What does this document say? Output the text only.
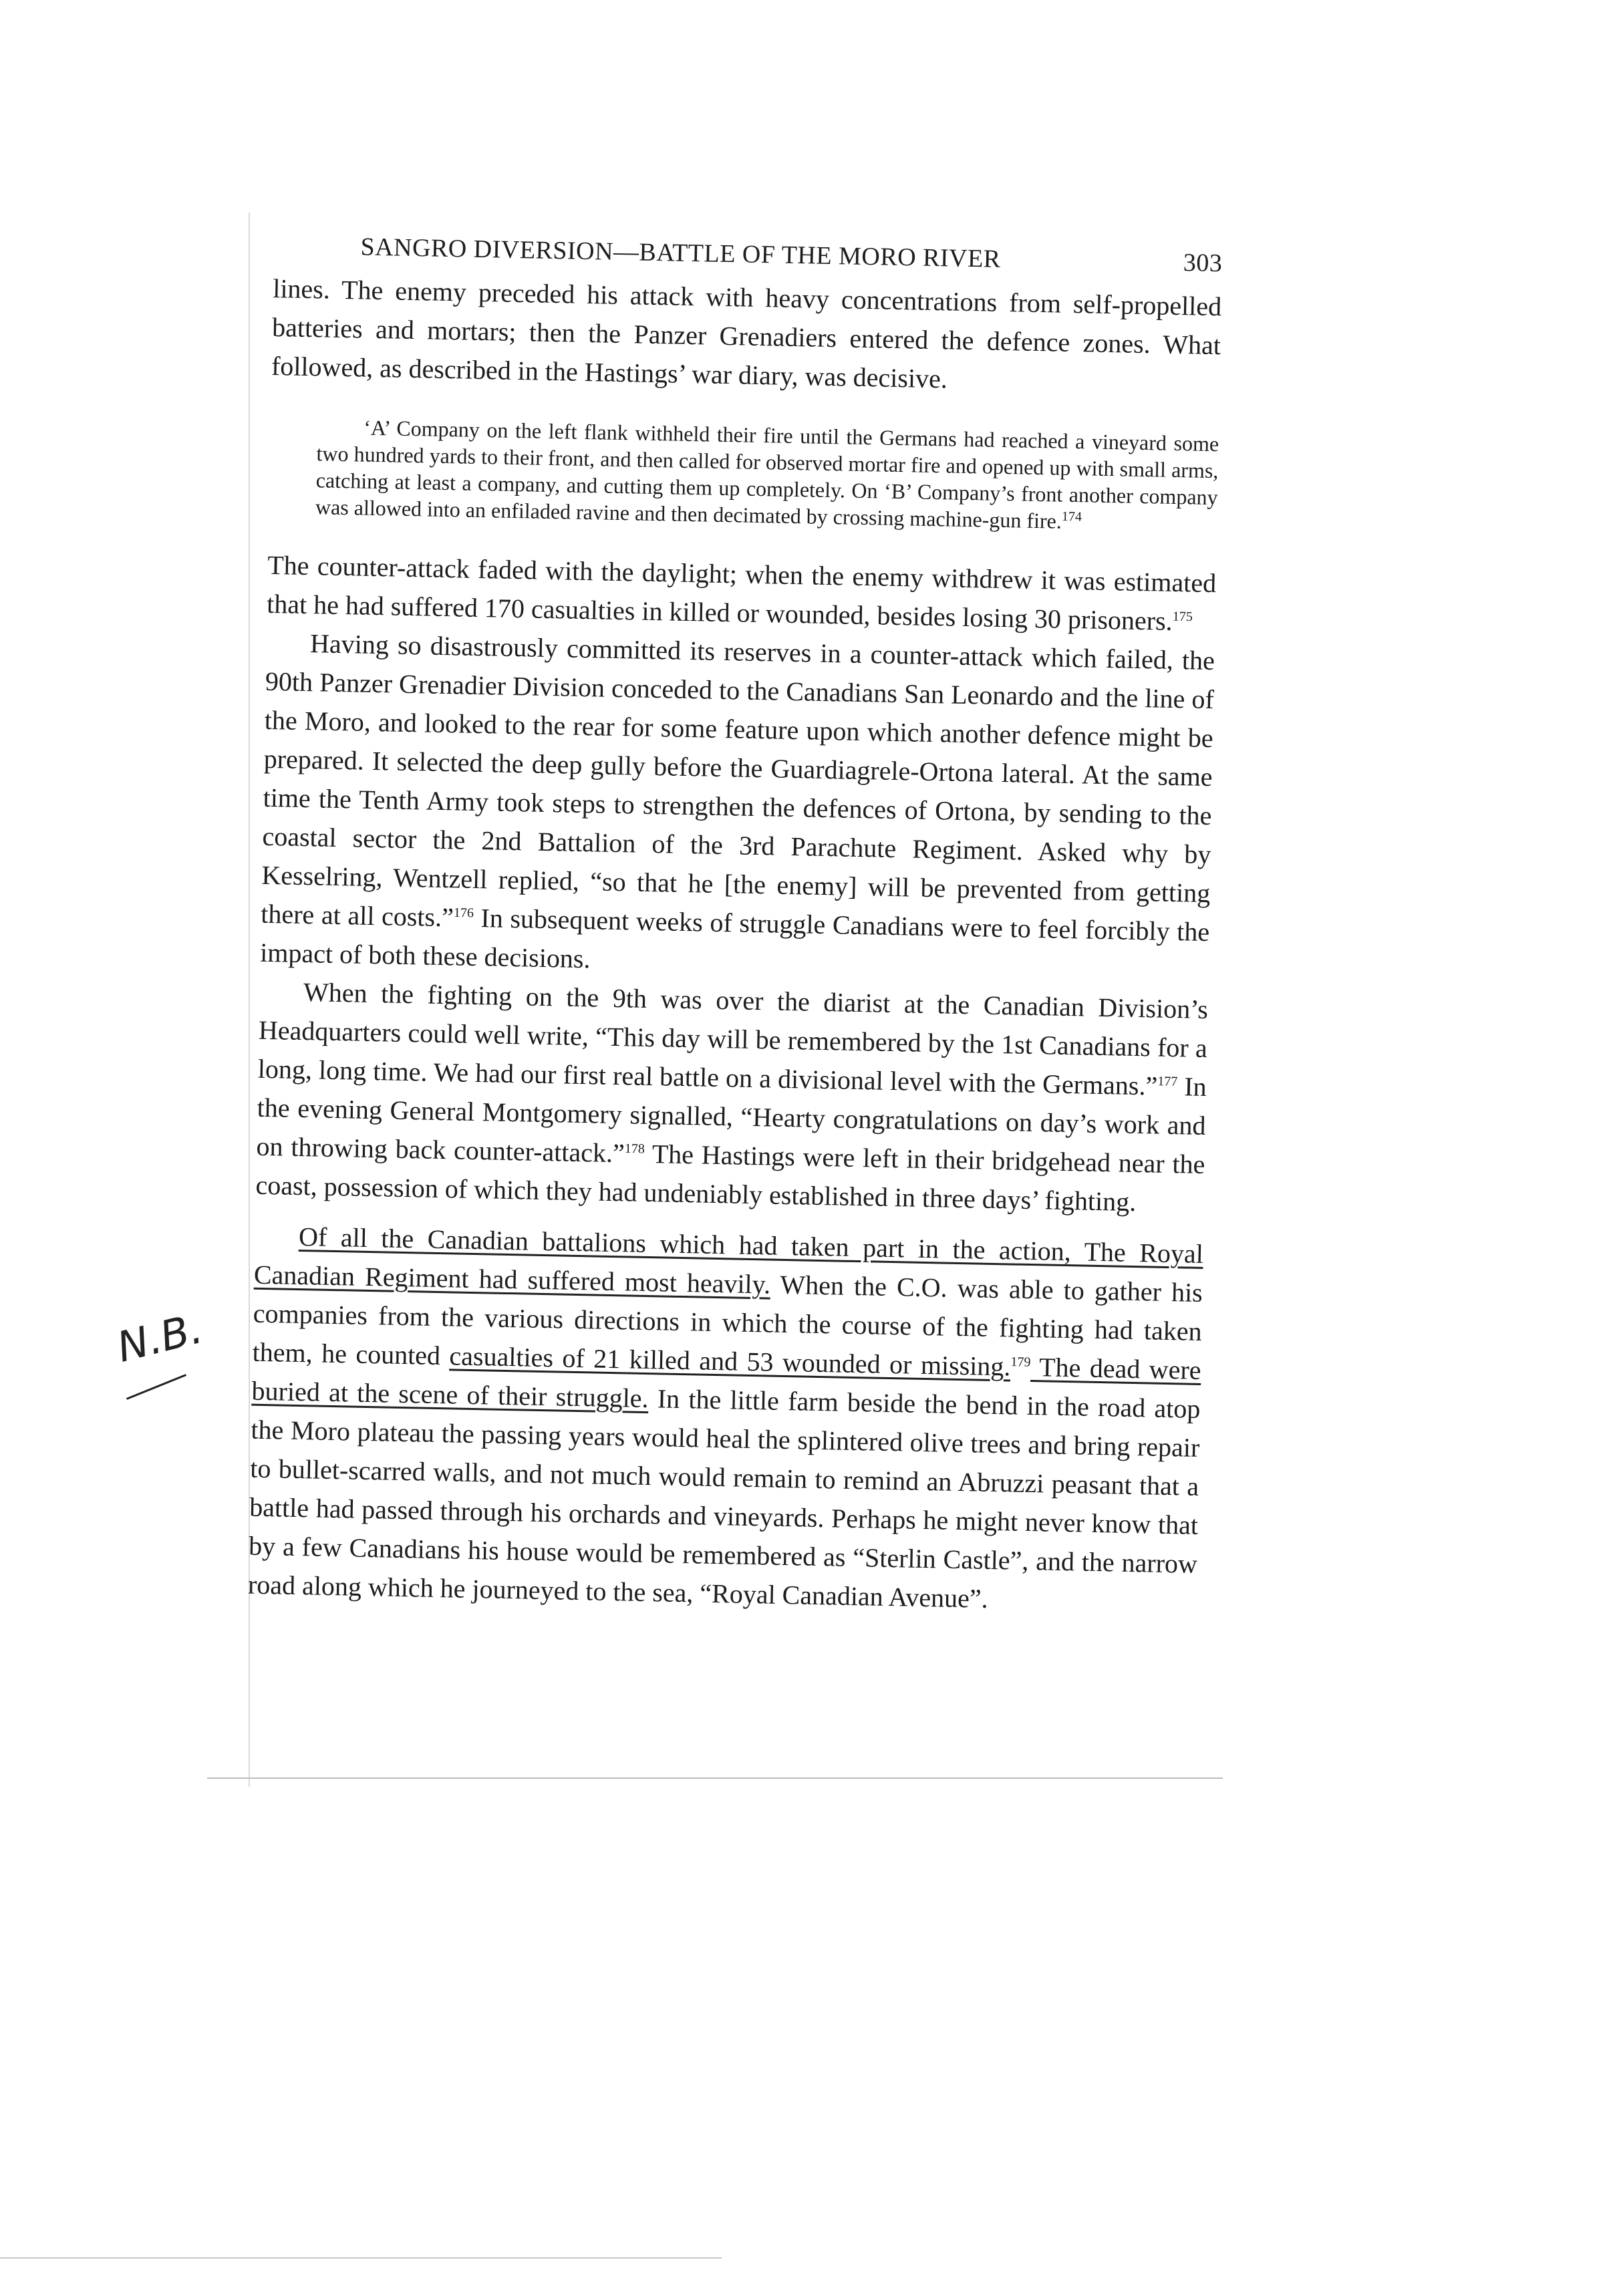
N.B.
SANGRO DIVERSION—BATTLE OF THE MORO RIVER	303

lines. The enemy preceded his attack with heavy concentrations from self-propelled batteries and mortars; then the Panzer Grenadiers entered the defence zones. What followed, as described in the Hastings’ war diary, was decisive.

‘A’ Company on the left flank withheld their fire until the Germans had reached a vineyard some two hundred yards to their front, and then called for observed mortar fire and opened up with small arms, catching at least a company, and cutting them up completely. On ‘B’ Company’s front another company was allowed into an enfiladed ravine and then decimated by crossing machine-gun fire.$^{174}$

The counter-attack faded with the daylight; when the enemy withdrew it was estimated that he had suffered 170 casualties in killed or wounded, besides losing 30 prisoners.$^{175}$

Having so disastrously committed its reserves in a counter-attack which failed, the 90th Panzer Grenadier Division conceded to the Canadians San Leonardo and the line of the Moro, and looked to the rear for some feature upon which another defence might be prepared. It selected the deep gully before the Guardiagrele-Ortona lateral. At the same time the Tenth Army took steps to strengthen the defences of Ortona, by sending to the coastal sector the 2nd Battalion of the 3rd Parachute Regiment. Asked why by Kesselring, Wentzell replied, “so that he [the enemy] will be prevented from getting there at all costs.”$^{176}$ In subsequent weeks of struggle Canadians were to feel forcibly the impact of both these decisions.

When the fighting on the 9th was over the diarist at the Canadian Division’s Headquarters could well write, “This day will be remembered by the 1st Canadians for a long, long time. We had our first real battle on a divisional level with the Germans.”$^{177}$ In the evening General Montgomery signalled, “Hearty congratulations on day’s work and on throwing back counter-attack.”$^{178}$ The Hastings were left in their bridgehead near the coast, possession of which they had undeniably established in three days’ fighting.

Of all the Canadian battalions which had taken part in the action, The Royal Canadian Regiment had suffered most heavily. When the C.O. was able to gather his companies from the various directions in which the course of the fighting had taken them, he counted casualties of 21 killed and 53 wounded or missing.$^{179}$ The dead were buried at the scene of their struggle. In the little farm beside the bend in the road atop the Moro plateau the passing years would heal the splintered olive trees and bring repair to bullet-scarred walls, and not much would remain to remind an Abruzzi peasant that a battle had passed through his orchards and vineyards. Perhaps he might never know that by a few Canadians his house would be remembered as “Sterlin Castle”, and the narrow road along which he journeyed to the sea, “Royal Canadian Avenue”.
